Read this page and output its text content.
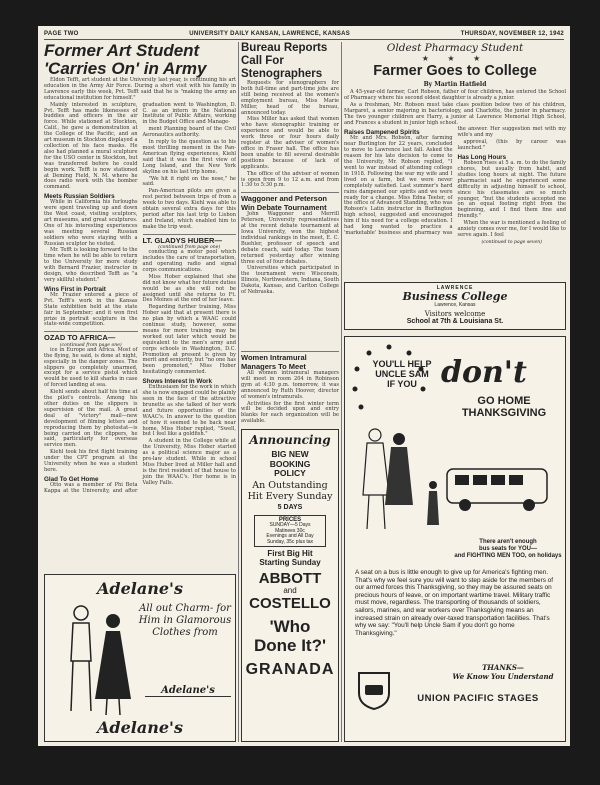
PAGE TWO	UNIVERSITY DAILY KANSAN, LAWRENCE, KANSAS	THURSDAY, NOVEMBER 12, 1942
Former Art Student 'Carries On' in Army

Eldon Tefft, art student at the University last year, is continuing his art education in the Army Air Force. During a short visit with his family in Lawrence early this week, Pvt. Tefft said that he is "making the army an educational institution for himself."

Mainly interested in sculpture, Pvt. Tefft has made likenesses of buddies and officers in the air force. While stationed at Stockton, Calif., he gave a demonstration at the College of the Pacific, and an art museum in Stockton displayed a collection of his face masks. He also had planned a mural sculpture for the USO center in Stockton, but was transferred before he could begin work. Tefft is now stationed at Deming Field, N. M. where he does radio work with the bomber command.

Meets Russian Soldiers

While in California his furloughs were spent traveling up and down the West coast, visiting sculptors, art museums, and great sculptures. One of his interesting experiences was meeting several Russian soldiers who were staying with a Russian sculptor he visited.

Mr. Tefft is looking forward to the time when he will be able to return to the University for more study with Bernard Frazier, instructor in design, who described Tefft as "a very skillful student."

Wins First in Portrait

Mr. Frazier entered a piece of Pvt. Tefft's work in the Kansas State exhibition held at the state fair in September; and it won first prize in portrait sculpture in the state-wide competition.

OZAD TO AFRICA—
(continued from page one)

ice in Europe and Africa. Most of the flying, he said, is done at night, especially in the danger zones. The slippers go completely unarmed, except for a service pistol which would be used to kill sharks in case of forced landing at sea.

Kiehl sends about half his time at the pilot's controls. Among his other duties on the slippers is supervision of the mail. A great deal of "victory" mail—new development of filming letters and reproducing them by photostat—is being carried on the clippers, he said, particularly for overseas service men.

Kiehl took his first flight training under the CPT program at the University when he was a student here.

Glad To Get Home

Otto was a member of Phi Beta Kappa at the University, and after graduation went to Washington, D. C. as an intern in the National Institute of Public Affairs, working in the Budget Office and Manage-

ment Planning board of the Civil Aeronautics authority.

In reply to the question as to his most thrilling moment in the Pan-American flying experiences, Kiehl said that it was the first view of Long Island, and the New York skyline on his last trip home.

"We hit it right on the nose," he said.

Pan-American pilots are given a rest period between trips of from a week to two days. Kiehl was able to obtain several extra days for this period after his last trip to Lisbon and Ireland, which enabled him to make the trip west.

LT. GLADYS HUBER—
(continued from page one)

conducting a motor pool which includes the care of transportation, and operating radio and signal corps communications.

Miss Hober explained that she did not know what her future duties would be as she will not be assigned until she returns to Ft. Des Moines at the end of her leave.

Regarding further training, Miss Hober said that at present there is no plan by which a WAAC could continue study, however, some means for more training may be worked out later which would be equivalent to the men's army and corps schools in Washington, D.C. Promotion at present is given by merit and seniority, but "no one has been promoted," Miss Hober hesitatingly commented.

Shows Interest In Work

Enthusiasm for the work in which she is now engaged could be plainly seen in the face of the attractive brunette as she talked of her work and future opportunities of the WAAC's. In answer to the question of how it seemed to be back near home, Miss Hober replied, "Swell, but I feel like a goldfish."

A student in the College while at the University, Miss Hober started as a political science major as a pre-law student. While in school Miss Huber lived at Miller hall and is the first resident of that house to join the WAAC's. Her home is in Valley Falls.

Adelane's
All out Charm- for Him in Glamorous Clothes from
Adelane's
Adelane's
Bureau Reports Call For Stenographers

Requests for stenographers for both full-time and part-time jobs are still being received at the women's employment bureau, Miss Marie Miller, head of the bureau, announced today.

Miss Miller has asked that women who have stenographic training or experience and would be able to work three or four hours daily register at the adviser of women's office in Fraser hall. The office has been unable to fill several desirable positions because of lack of applicants.

The office of the adviser of women is open from 9 to 12 a.m. and from 1:30 to 5:30 p.m.

Waggoner and Peterson Win Debate Tournament

John Waggoner and Merrill Peterson, University representatives at the recent debate tournament at Iowa University, won the highest individual rankings in the meet, E. C. Buehler, professor of speech and debate coach, said today. The team returned yesterday after winning three out of four debates.

Universities which participated in the tournament were Wisconsin, Illinois, Northwestern, Indiana, South Dakota, Kansas, and Carlton College of Nebraska.

Women Intramural Managers To Meet

All women intramural managers will meet in room 204 in Robinson gym at 4:30 p.m. tomorrow, it was announced by Ruth Hoover, director of women's intramurals.

Activities for the first winter term will be decided upon and entry blanks for each organization will be available.

Announcing
BIG NEW
BOOKING
POLICY
An Outstanding
Hit Every Sunday
5 DAYS
PRICES
SUNDAY—5 Days
Matinees 30c
Evenings and All Day
Sunday, 35c plus tax
First Big Hit
Starting Sunday
ABBOTT
and
COSTELLO
'Who Done It?'
GRANADA
Oldest Pharmacy Student
★ ★ ★
Farmer Goes to College
By Martin Hatfield

A 45-year-old farmer, Carl Robson, father of four children, has entered the School of Pharmacy where his second oldest daughter is already a junior.

As a freshman, Mr. Robson must take class position below two of his children, Margaret, a senior majoring in bacteriology, and Charlotte, the junior in pharmacy. The two younger children are Harry, a junior at Lawrence Memorial High School, and Frances a student in junior high school.

Raises Dampened Spirits

Mr. and Mrs. Robson, after farming near Burlington for 22 years, concluded to move to Lawrence last fall. Asked the reason for his late decision to come to the University, Mr. Robson replied, "I went to war instead of attending college in 1918. Following the war my wife and I lived on a farm, but we were never completely satisfied. Last summer's hard rains dampened our spirits and we were ready for a change. Miss Edna Teeter, of the office of Advanced Standing, who was Robson's Latin instructor in Burlington high school, suggested and encouraged him if his need for a college education. I had long wanted to practice a 'marketable' business and pharmacy was the answer. Her suggestion met with my wife's and my

approval, (this by career was launched."

Has Long Hours

Robson rises at 5 a. m. to do the family chores, but usually from habit, and studies long hours at night. The future pharmacist said he experienced some difficulty in adjusting himself to school, since his classmates are so much younger, "but the students accepted me on an equal footing right from the beginning, and I find them fine and friendly."

When the war is mentioned a feeling of anxiety comes over me, for I would like to serve again. I feel

(continued to page seven)
LAWRENCE
Business College
Lawrence, Kansas
Visitors welcome
School at 7th & Louisiana St.
YOU'LL HELP
UNCLE SAM
IF YOU don't
GO HOME
THANKSGIVING
There aren't enough
bus seats for YOU—
and FIGHTING MEN TOO, on holidays
A seat on a bus is little enough to give up for America's fighting men. That's why we feel sure you will want to step aside for the members of our armed forces this Thanksgiving, so they may be assured seats on precious hours of leave, or on important wartime travel. Military traffic must move, regardless. The transporting of thousands of soldiers, sailors, marines, and war workers over Thanksgiving means an increased strain on already over-taxed transportation facilities. That's why we say: "You'll help Uncle Sam if you don't go home Thanksgiving."
THANKS—
We Know You Understand
UNION PACIFIC STAGES
